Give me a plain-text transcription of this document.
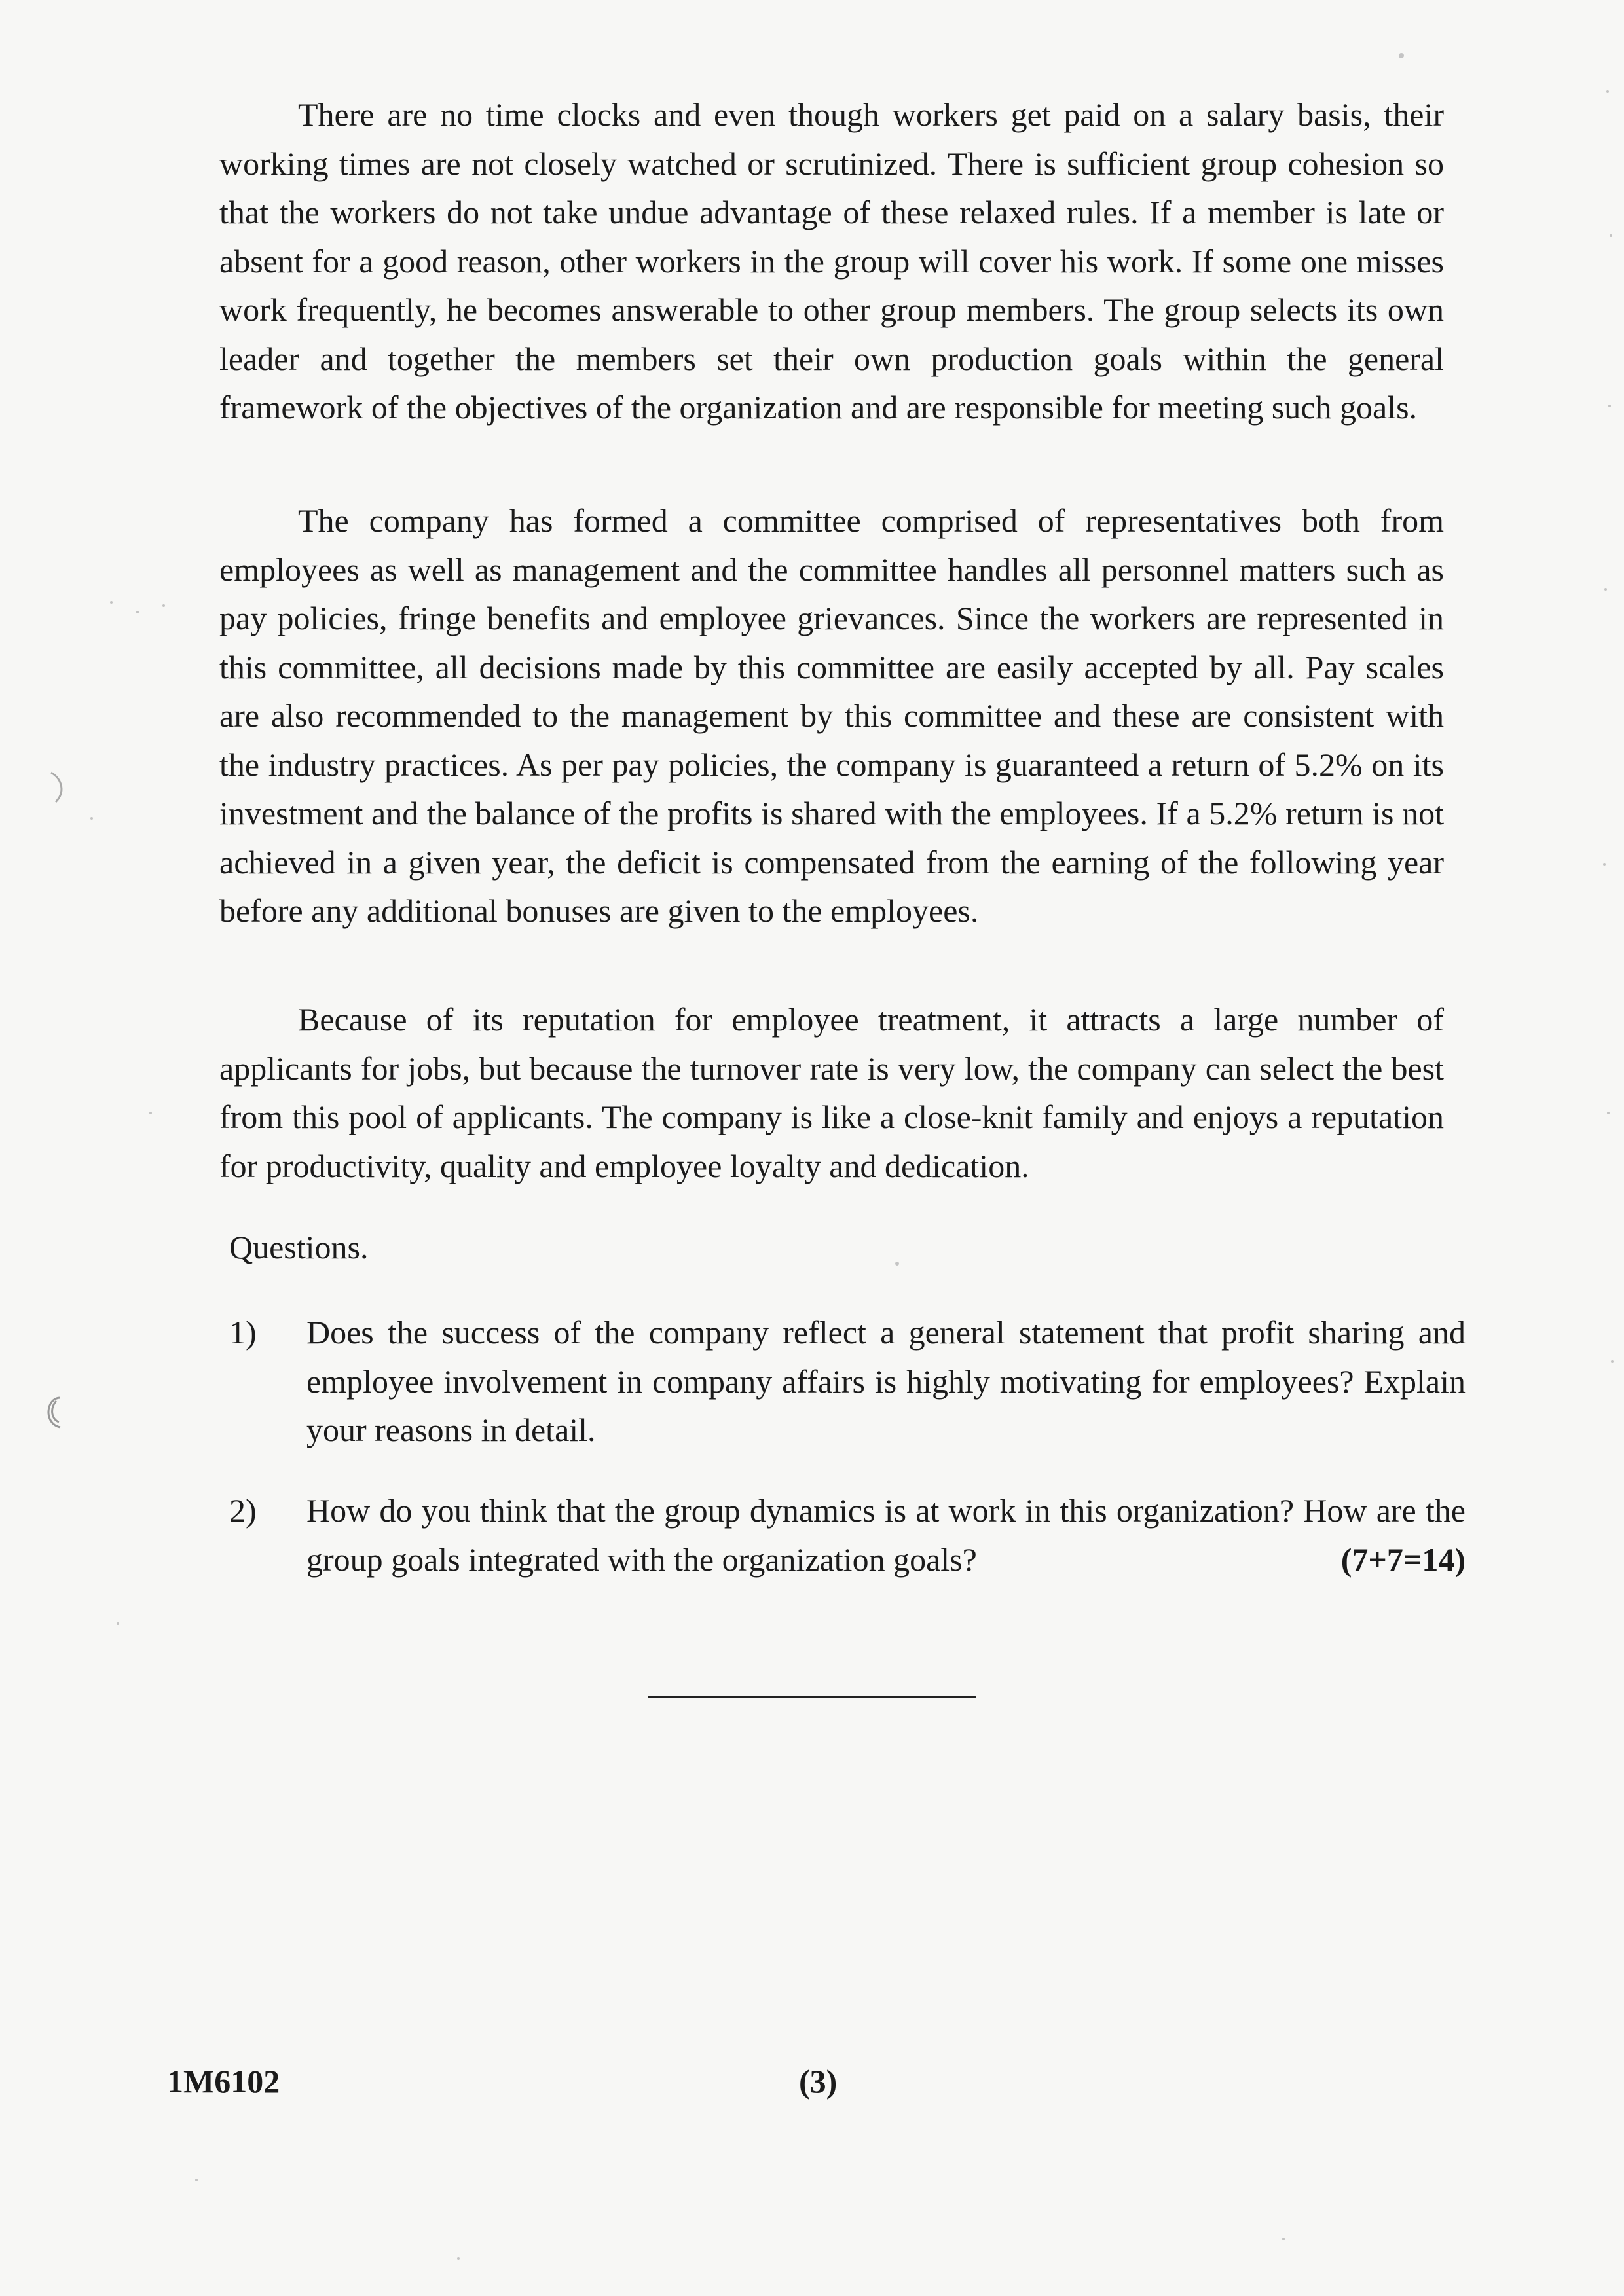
There are no time clocks and even though workers get paid on a salary basis, their working times are not closely watched or scrutinized. There is sufficient group cohesion so that the workers do not take undue advantage of these relaxed rules. If a member is late or absent for a good reason, other workers in the group will cover his work. If some one misses work frequently, he becomes answerable to other group members. The group selects its own leader and together the members set their own production goals within the general framework of the objectives of the organization and are responsible for meeting such goals.

The company has formed a committee comprised of representatives both from employees as well as management and the committee handles all personnel matters such as pay policies, fringe benefits and employee grievances. Since the workers are represented in this committee, all decisions made by this committee are easily accepted by all. Pay scales are also recommended to the management by this committee and these are consistent with the industry practices. As per pay policies, the company is guaranteed a return of 5.2% on its investment and the balance of the profits is shared with the employees. If a 5.2% return is not achieved in a given year, the deficit is compensated from the earning of the following year before any additional bonuses are given to the employees.

Because of its reputation for employee treatment, it attracts a large number of applicants for jobs, but because the turnover rate is very low, the company can select the best from this pool of applicants. The company is like a close-knit family and enjoys a reputation for productivity, quality and employee loyalty and dedication.

Questions.

1)	Does the success of the company reflect a general statement that profit sharing and employee involvement in company affairs is highly motivating for employees? Explain your reasons in detail.
2)	How do you think that the group dynamics is at work in this organization? How are the group goals integrated with the organization goals?	(7+7=14)
1M6102	(3)
